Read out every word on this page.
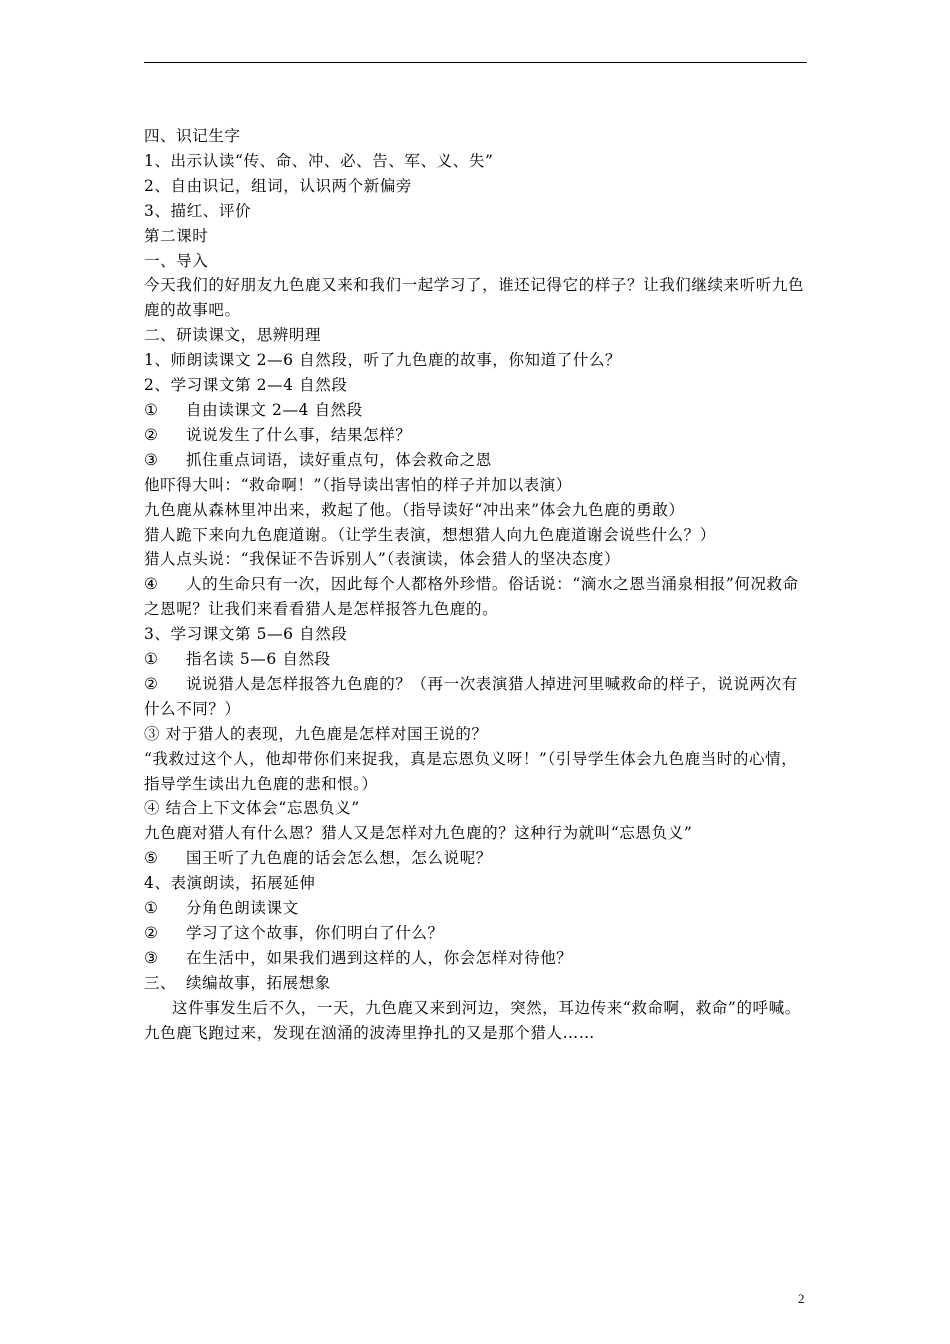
四、识记生字
1、出示认读“传、命、冲、必、告、军、义、失”
2、自由识记，组词，认识两个新偏旁
3、描红、评价
第二课时
一、导入
今天我们的好朋友九色鹿又来和我们一起学习了，谁还记得它的样子？让我们继续来听听九色鹿的故事吧。
二、研读课文，思辨明理
1、师朗读课文 2—6 自然段，听了九色鹿的故事，你知道了什么？
2、学习课文第 2—4 自然段
① 自由读课文 2—4 自然段
② 说说发生了什么事，结果怎样？
③ 抓住重点词语，读好重点句，体会救命之恩
他吓得大叫：“救命啊！”（指导读出害怕的样子并加以表演）
九色鹿从森林里冲出来，救起了他。（指导读好“冲出来”体会九色鹿的勇敢）
猎人跪下来向九色鹿道谢。（让学生表演，想想猎人向九色鹿道谢会说些什么？）
猎人点头说：“我保证不告诉别人”（表演读，体会猎人的坚决态度）
④ 人的生命只有一次，因此每个人都格外珍惜。俗话说：“滴水之恩当涌泉相报”何况救命之恩呢？让我们来看看猎人是怎样报答九色鹿的。
3、学习课文第 5—6 自然段
① 指名读 5—6 自然段
② 说说猎人是怎样报答九色鹿的？（再一次表演猎人掉进河里喊救命的样子，说说两次有什么不同？）
③ 对于猎人的表现，九色鹿是怎样对国王说的？
“我救过这个人，他却带你们来捉我，真是忘恩负义呀！”（引导学生体会九色鹿当时的心情，指导学生读出九色鹿的悲和恨。）
④ 结合上下文体会“忘恩负义”
九色鹿对猎人有什么恩？猎人又是怎样对九色鹿的？这种行为就叫“忘恩负义”
⑤ 国王听了九色鹿的话会怎么想，怎么说呢？
4、表演朗读，拓展延伸
① 分角色朗读课文
② 学习了这个故事，你们明白了什么？
③ 在生活中，如果我们遇到这样的人，你会怎样对待他？
三、 续编故事，拓展想象
这件事发生后不久，一天，九色鹿又来到河边，突然，耳边传来“救命啊，救命”的呼喊。九色鹿飞跑过来，发现在汹涌的波涛里挣扎的又是那个猎人……
2
